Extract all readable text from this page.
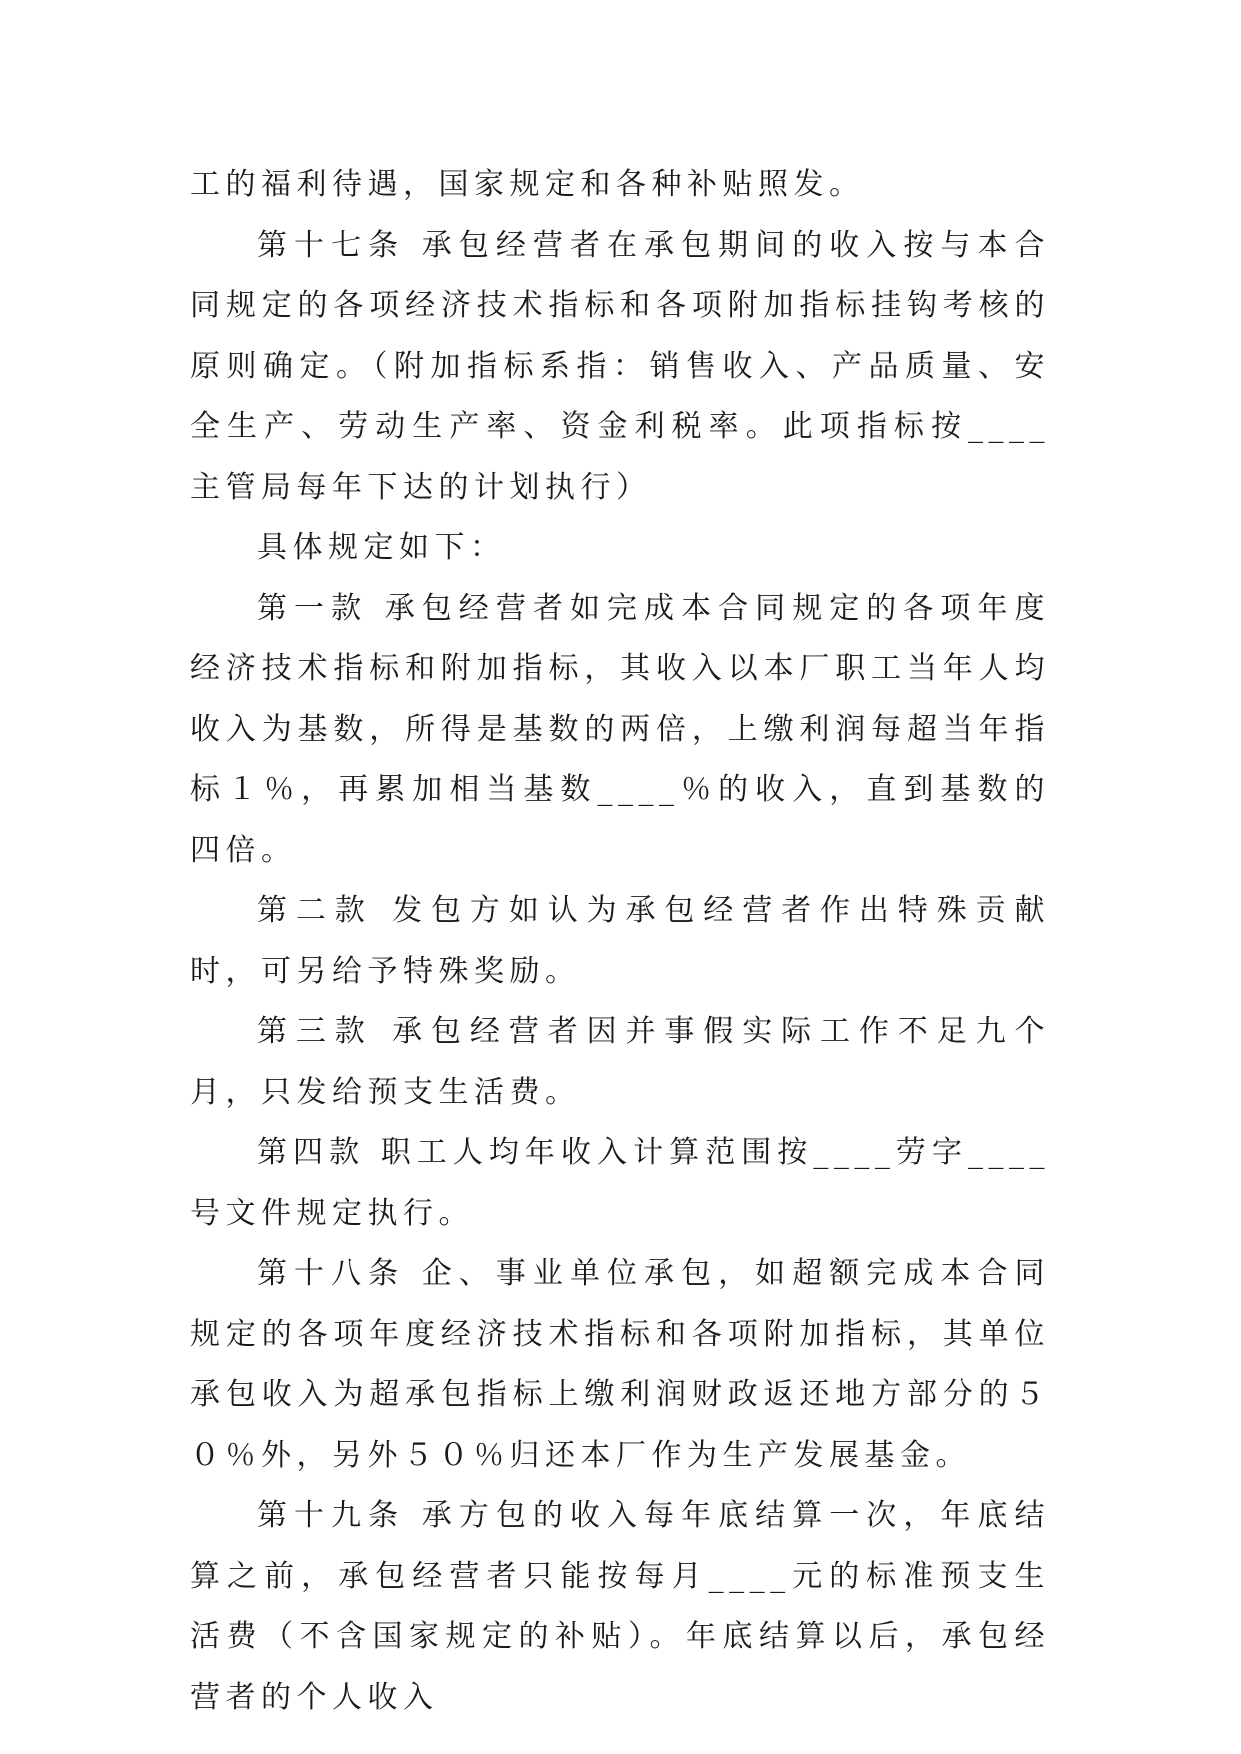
工的福利待遇，国家规定和各种补贴照发。

第十七条 承包经营者在承包期间的收入按与本合同规定的各项经济技术指标和各项附加指标挂钩考核的原则确定。（附加指标系指：销售收入、产品质量、安全生产、劳动生产率、资金利税率。此项指标按____主管局每年下达的计划执行）

具体规定如下：

第一款 承包经营者如完成本合同规定的各项年度经济技术指标和附加指标，其收入以本厂职工当年人均收入为基数，所得是基数的两倍，上缴利润每超当年指标１％，再累加相当基数____％的收入，直到基数的四倍。

第二款 发包方如认为承包经营者作出特殊贡献时，可另给予特殊奖励。

第三款 承包经营者因并事假实际工作不足九个月，只发给预支生活费。

第四款 职工人均年收入计算范围按____劳字____号文件规定执行。

第十八条 企、事业单位承包，如超额完成本合同规定的各项年度经济技术指标和各项附加指标，其单位承包收入为超承包指标上缴利润财政返还地方部分的５０％外，另外５０％归还本厂作为生产发展基金。

第十九条 承方包的收入每年底结算一次，年底结算之前，承包经营者只能按每月____元的标准预支生活费（不含国家规定的补贴）。年底结算以后，承包经营者的个人收入
